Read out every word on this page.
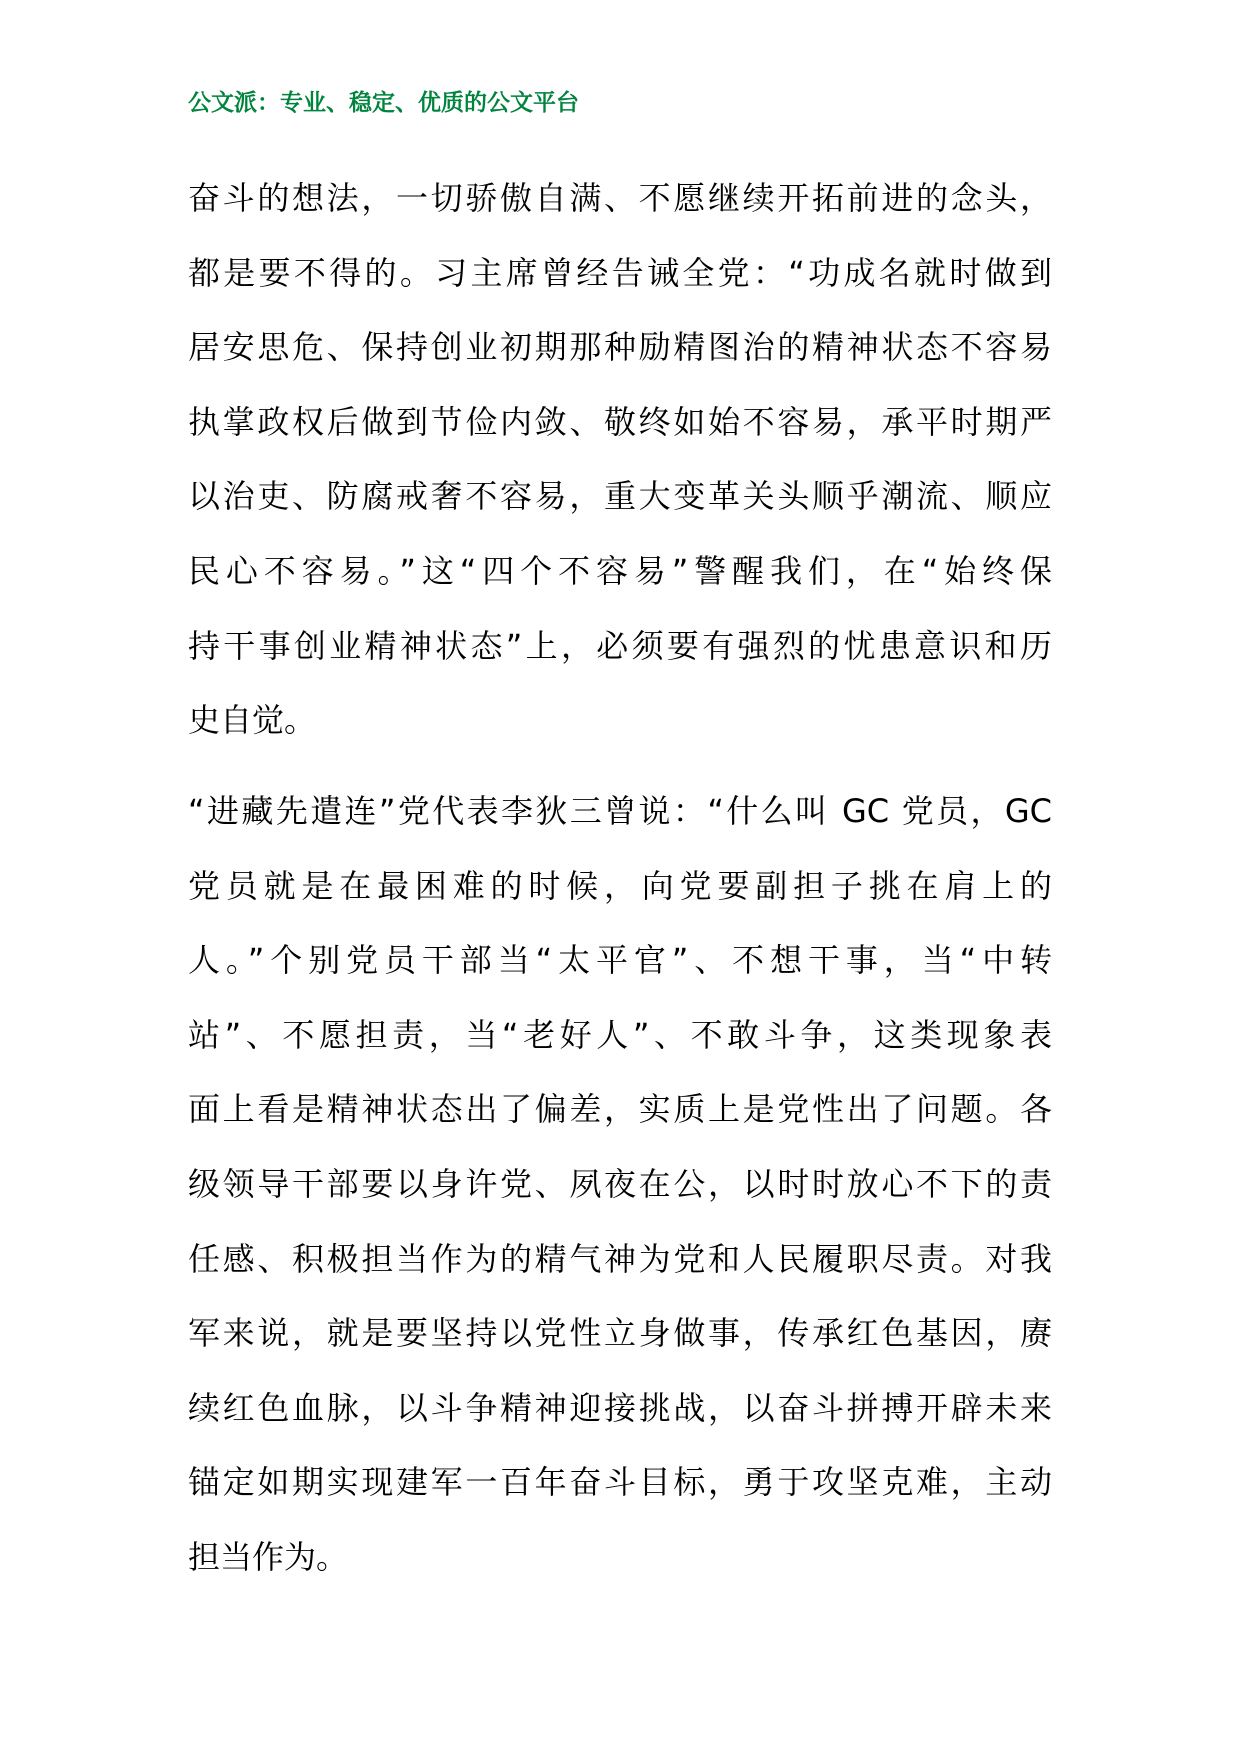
公文派：专业、稳定、优质的公文平台
奋斗的想法，一切骄傲自满、不愿继续开拓前进的念头，
都是要不得的。习主席曾经告诫全党：“功成名就时做到
居安思危、保持创业初期那种励精图治的精神状态不容易
执掌政权后做到节俭内敛、敬终如始不容易，承平时期严
以治吏、防腐戒奢不容易，重大变革关头顺乎潮流、顺应
民心不容易。”这“四个不容易”警醒我们，在“始终保
持干事创业精神状态”上，必须要有强烈的忧患意识和历
史自觉。
“进藏先遣连”党代表李狄三曾说：“什么叫 GC 党员，GC
党员就是在最困难的时候，向党要副担子挑在肩上的
人。”个别党员干部当“太平官”、不想干事，当“中转
站”、不愿担责，当“老好人”、不敢斗争，这类现象表
面上看是精神状态出了偏差，实质上是党性出了问题。各
级领导干部要以身许党、夙夜在公，以时时放心不下的责
任感、积极担当作为的精气神为党和人民履职尽责。对我
军来说，就是要坚持以党性立身做事，传承红色基因，赓
续红色血脉，以斗争精神迎接挑战，以奋斗拼搏开辟未来
锚定如期实现建军一百年奋斗目标，勇于攻坚克难，主动
担当作为。
